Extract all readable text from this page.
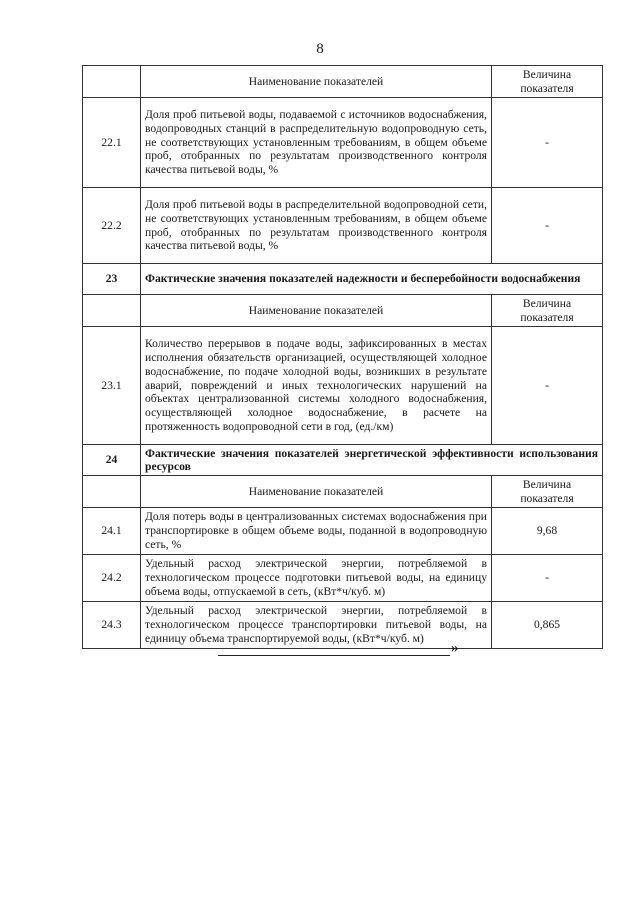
8
	Наименование показателей	Величина показателя
22.1	Доля проб питьевой воды, подаваемой с источников водоснабжения, водопроводных станций в распределительную водопроводную сеть, не соответствующих установленным требованиям, в общем объеме проб, отобранных по результатам производственного контроля качества питьевой воды, %	-
22.2	Доля проб питьевой воды в распределительной водопроводной сети, не соответствующих установленным требованиям, в общем объеме проб, отобранных по результатам производственного контроля качества питьевой воды, %	-
23	Фактические значения показателей надежности и бесперебойности водоснабжения	
	Наименование показателей	Величина показателя
23.1	Количество перерывов в подаче воды, зафиксированных в местах исполнения обязательств организацией, осуществляющей холодное водоснабжение, по подаче холодной воды, возникших в результате аварий, повреждений и иных технологических нарушений на объектах централизованной системы холодного водоснабжения, осуществляющей холодное водоснабжение, в расчете на протяженность водопроводной сети в год, (ед./км)	-
24	Фактические значения показателей энергетической эффективности использования ресурсов	
	Наименование показателей	Величина показателя
24.1	Доля потерь воды в централизованных системах водоснабжения при транспортировке в общем объеме воды, поданной в водопроводную сеть, %	9,68
24.2	Удельный расход электрической энергии, потребляемой в технологическом процессе подготовки питьевой воды, на единицу объема воды, отпускаемой в сеть, (кВт*ч/куб. м)	-
24.3	Удельный расход электрической энергии, потребляемой в технологическом процессе транспортировки питьевой воды, на единицу объема транспортируемой воды, (кВт*ч/куб. м)	0,865
»
